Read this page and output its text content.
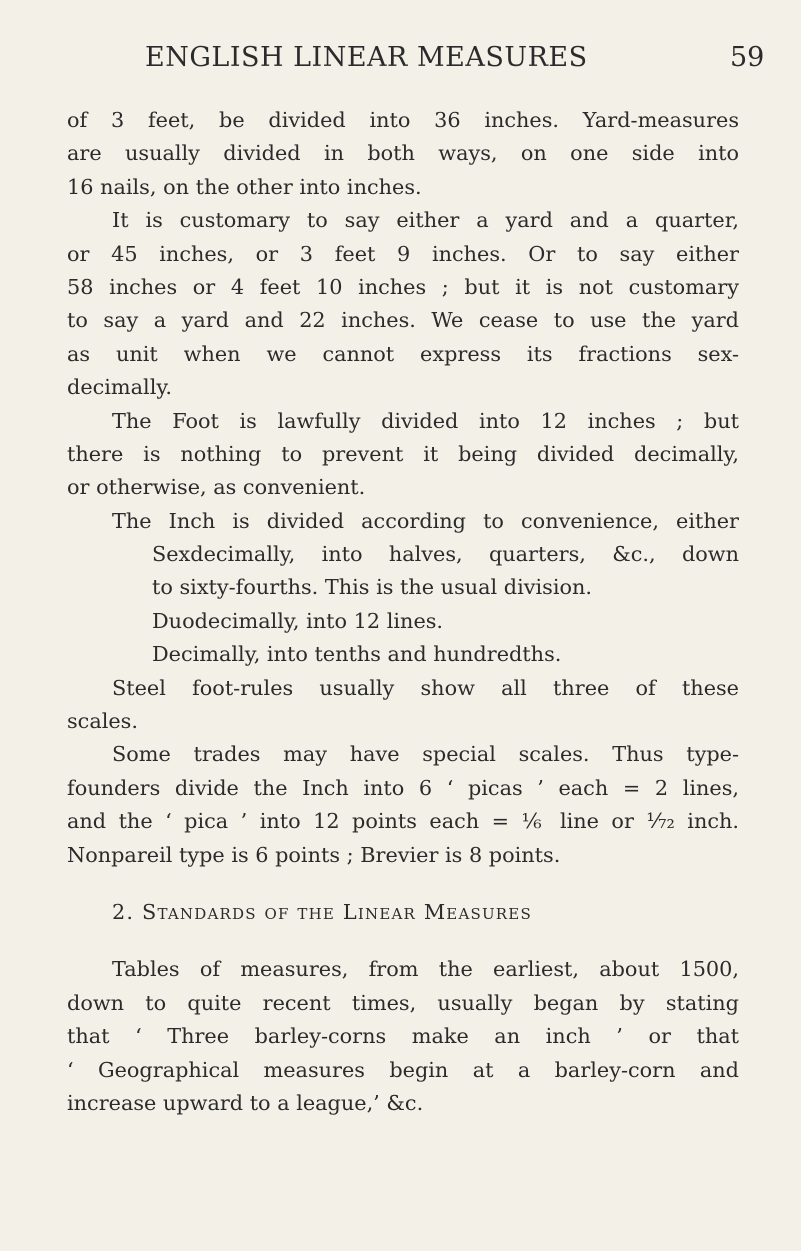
ENGLISH LINEAR MEASURES	59
of 3 feet, be divided into 36 inches. Yard-measures
are usually divided in both ways, on one side into
16 nails, on the other into inches.
It is customary to say either a yard and a quarter,
or 45 inches, or 3 feet 9 inches. Or to say either
58 inches or 4 feet 10 inches ; but it is not customary
to say a yard and 22 inches. We cease to use the yard
as unit when we cannot express its fractions sex-
decimally.
The Foot is lawfully divided into 12 inches ; but
there is nothing to prevent it being divided decimally,
or otherwise, as convenient.
The Inch is divided according to convenience, either
Sexdecimally, into halves, quarters, &c., down
to sixty-fourths. This is the usual division.
Duodecimally, into 12 lines.
Decimally, into tenths and hundredths.
Steel foot-rules usually show all three of these
scales.
Some trades may have special scales. Thus type-
founders divide the Inch into 6 ‘ picas ’ each = 2 lines,
and the ‘ pica ’ into 12 points each = ⅙ line or ¹⁄₇₂ inch.
Nonpareil type is 6 points ; Brevier is 8 points.
2. Standards of the Linear Measures
Tables of measures, from the earliest, about 1500,
down to quite recent times, usually began by stating
that ‘ Three barley-corns make an inch ’ or that
‘ Geographical measures begin at a barley-corn and
increase upward to a league,’ &c.
